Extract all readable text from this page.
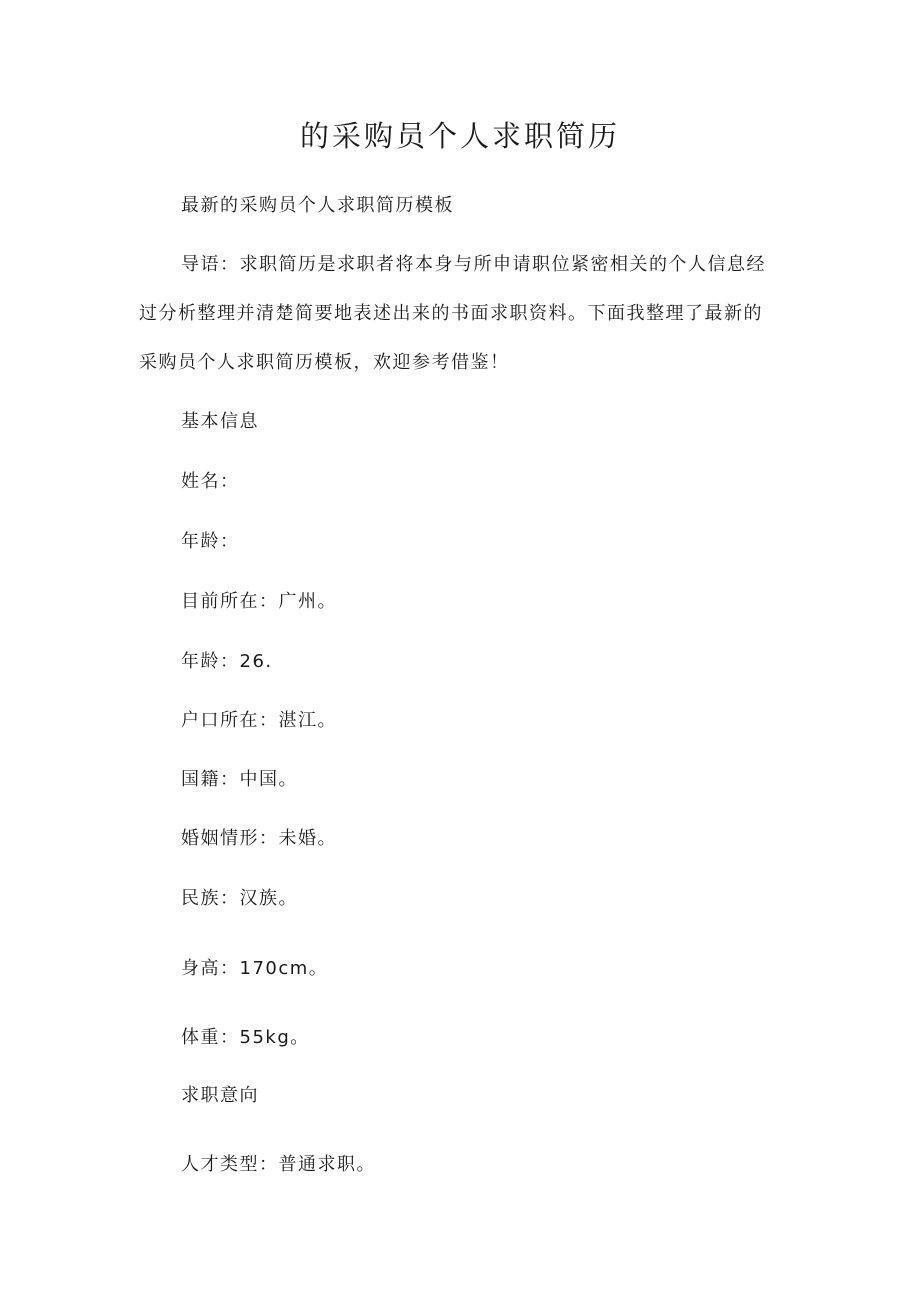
的采购员个人求职简历
最新的采购员个人求职简历模板
导语：求职简历是求职者将本身与所申请职位紧密相关的个人信息经
过分析整理并清楚简要地表述出来的书面求职资料。下面我整理了最新的
采购员个人求职简历模板，欢迎参考借鉴！
基本信息
姓名：
年龄：
目前所在：广州。
年龄：26.
户口所在：湛江。
国籍：中国。
婚姻情形：未婚。
民族：汉族。
身高：170cm。
体重：55kg。
求职意向
人才类型：普通求职。
